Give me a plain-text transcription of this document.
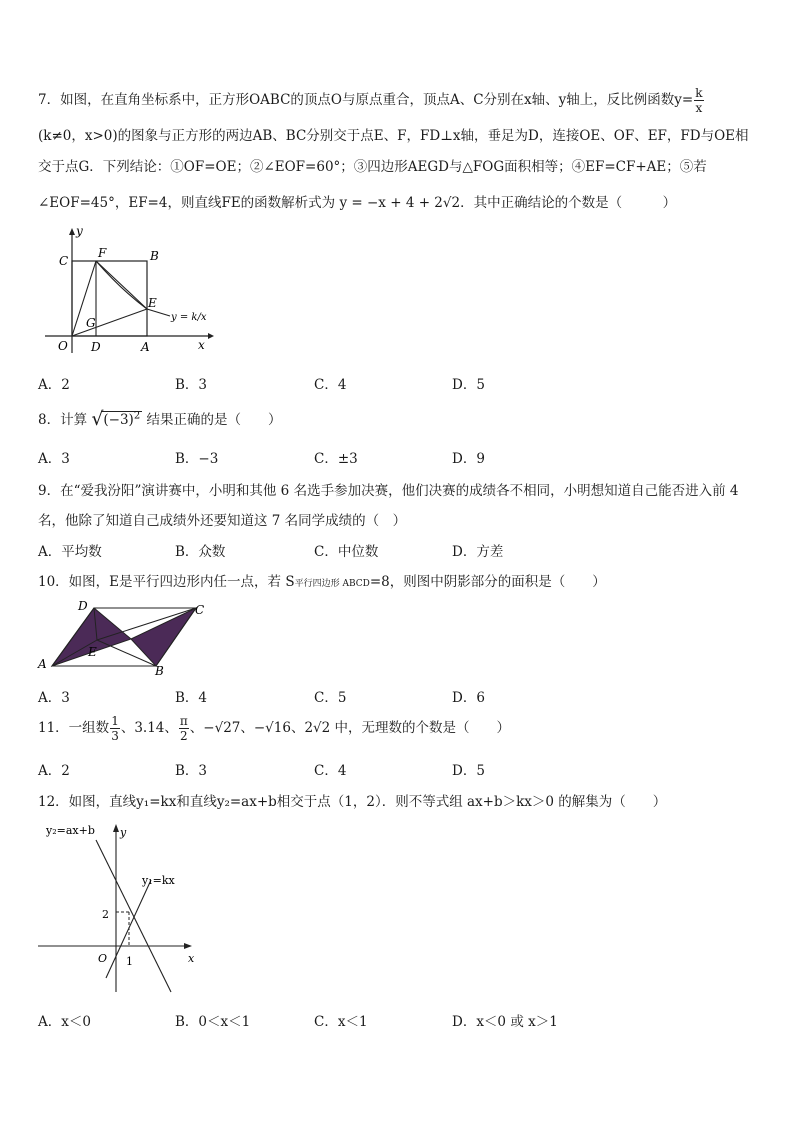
7．如图，在直角坐标系中，正方形OABC的顶点O与原点重合，顶点A、C分别在x轴、y轴上，反比例函数$y= \frac{k}{x}$
(k≠0，x>0)的图象与正方形的两边AB、BC分别交于点E、F，FD⊥x轴，垂足为D，连接OE、OF、EF，FD与OE相
交于点G．下列结论：①OF=OE；②∠EOF=60°；③四边形AEGD与△FOG面积相等；④EF=CF+AE；⑤若
∠EOF=45°，EF=4，则直线FE的函数解析式为 y = −x + 4 + 2√2．其中正确结论的个数是（　　　）
y
x
O
C
F	B
E
G
D	A
y = k/x
A．2	B．3	C．4	D．5
8．计算 √ $(-3)^2$ 结果正确的是（　　）
A．3	B．−3	C．±3	D．9
9．在“爱我汾阳”演讲赛中，小明和其他 6 名选手参加决赛，他们决赛的成绩各不相同，小明想知道自己能否进入前 4
名，他除了知道自己成绩外还要知道这 7 名同学成绩的（　）
A．平均数	B．众数	C．中位数	D．方差
10．如图，E是平行四边形内任一点，若 S平行四边形 ABCD=8，则图中阴影部分的面积是（　　）
D	C
A
E
B
A．3	B．4	C．5	D．6
11．一组数 $\frac{1}{3}$ 、3.14、 $\frac{\pi}{2}$ 、−√27、−√16、2√2 中，无理数的个数是（　　）
A．2	B．3	C．4	D．5
12．如图，直线y₁=kx和直线y₂=ax+b相交于点（1，2）．则不等式组 ax+b＞kx＞0 的解集为（　　）
y₂=ax+b y
y₁=kx
2
O 1	x
A．x＜0	B．0＜x＜1	C．x＜1	D．x＜0 或 x＞1
